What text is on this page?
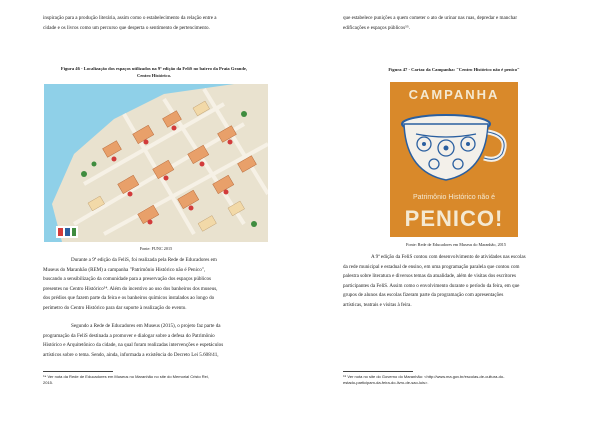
inspiração para a produção literária, assim como o estabelecimento da relação entre a

cidade e os livros como um percurso que desperta o sentimento de pertencimento.

Figura 46 - Localização dos espaços utilizados na 9ª edição da FeliS no bairro da Praia Grande,

Centro Histórico.

Fonte: FUNC 2015

Durante a 9ª edição da FeliS, foi realizada pela Rede de Educadores em

Museus do Maranhão (REM) a campanha "Patrimônio Histórico não é Penico",

buscando a sensibilização da comunidade para a preservação dos espaços públicos

presentes no Centro Histórico⁵⁴. Além do incentivo ao uso dos banheiros dos museus,

dos prédios que fazem parte da feira e os banheiros químicos instalados ao longo do

perímetro do Centro Histórico para dar suporte à realização do evento.

Segundo a Rede de Educadores em Museus (2015), o projeto faz parte da

programação da FeliS destinada a promover e dialogar sobre a defesa do Patrimônio

Histórico e Arquitetônico da cidade, na qual foram realizadas intervenções e espetáculos

artísticos sobre o tema. Sendo, ainda, informada a existência do Decreto Lei 5.608/41,

⁵⁴ Ver nota da Rede de Educadores em Museus no Maranhão no site do Memorial Cristo Rei,

2015.

que estabelece punições a quem cometer o ato de urinar nas ruas, depredar e manchar

edificações e espaços públicos⁵⁵.

Figura 47 - Cartaz da Campanha: "Centro Histórico não é penico"

CAMPANHA
Patrimônio Histórico não é
PENICO!

Fonte: Rede de Educadores em Museus do Maranhão, 2015

A 9ª edição da FeliS contou com desenvolvimento de atividades nas escolas

da rede municipal e estadual de ensino, em uma programação paralela que contou com

palestra sobre literatura e diversos temas da atualidade, além de visitas dos escritores

participantes da FeliS. Assim como o envolvimento durante o período da feira, em que

grupos de alunos das escolas fizeram parte da programação com apresentações

artísticas, teatrais e visitas à feira.

⁵⁵ Ver nota no site do Governo do Maranhão: <http://www.ma.gov.br/escolas-de-cultura-do-

estado-participam-da-feira-do-livro-de-sao-luis>.
